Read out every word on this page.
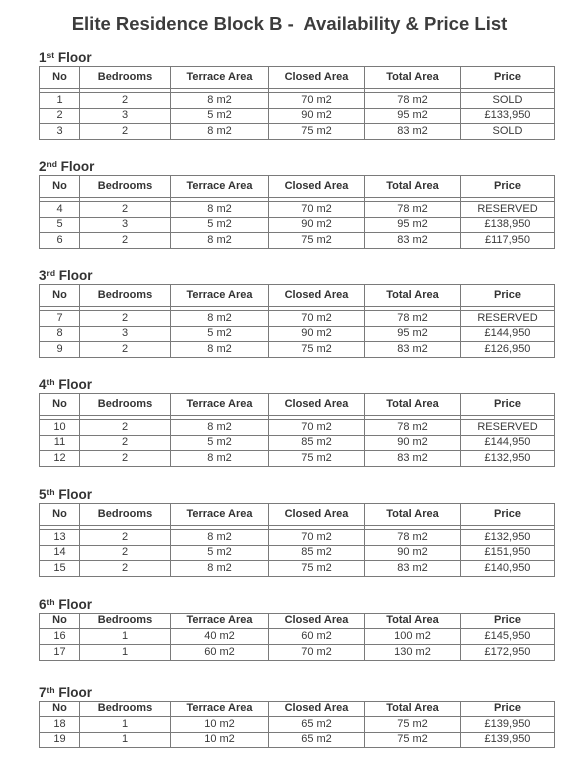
Elite Residence Block B -  Availability & Price List
1st Floor
No	Bedrooms	Terrace Area	Closed Area	Total Area	Price

1	2	8 m2	70 m2	78 m2	SOLD
2	3	5 m2	90 m2	95 m2	£133,950
3	2	8 m2	75 m2	83 m2	SOLD
2nd Floor
No	Bedrooms	Terrace Area	Closed Area	Total Area	Price

4	2	8 m2	70 m2	78 m2	RESERVED
5	3	5 m2	90 m2	95 m2	£138,950
6	2	8 m2	75 m2	83 m2	£117,950
3rd Floor
No	Bedrooms	Terrace Area	Closed Area	Total Area	Price

7	2	8 m2	70 m2	78 m2	RESERVED
8	3	5 m2	90 m2	95 m2	£144,950
9	2	8 m2	75 m2	83 m2	£126,950
4th Floor
No	Bedrooms	Terrace Area	Closed Area	Total Area	Price

10	2	8 m2	70 m2	78 m2	RESERVED
11	2	5 m2	85 m2	90 m2	£144,950
12	2	8 m2	75 m2	83 m2	£132,950
5th Floor
No	Bedrooms	Terrace Area	Closed Area	Total Area	Price

13	2	8 m2	70 m2	78 m2	£132,950
14	2	5 m2	85 m2	90 m2	£151,950
15	2	8 m2	75 m2	83 m2	£140,950
6th Floor
No	Bedrooms	Terrace Area	Closed Area	Total Area	Price
16	1	40 m2	60 m2	100 m2	£145,950
17	1	60 m2	70 m2	130 m2	£172,950
7th Floor
No	Bedrooms	Terrace Area	Closed Area	Total Area	Price
18	1	10 m2	65 m2	75 m2	£139,950
19	1	10 m2	65 m2	75 m2	£139,950
